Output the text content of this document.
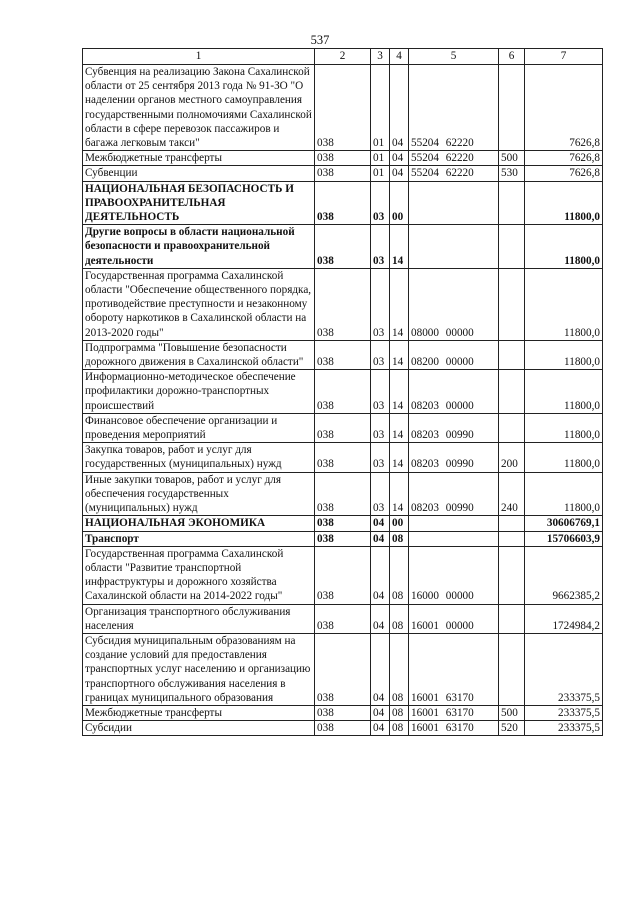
537
1	2	3	4	5	6	7
Субвенция на реализацию Закона Сахалинской области от 25 сентября 2013 года № 91-ЗО "О наделении органов местного самоуправления государственными полномочиями Сахалинской области в сфере перевозок пассажиров и багажа легковым такси"	038	01	04	55204 62220		7626,8
Межбюджетные трансферты	038	01	04	55204 62220	500	7626,8
Субвенции	038	01	04	55204 62220	530	7626,8
НАЦИОНАЛЬНАЯ БЕЗОПАСНОСТЬ И ПРАВООХРАНИТЕЛЬНАЯ ДЕЯТЕЛЬНОСТЬ	038	03	00			11800,0
Другие вопросы в области национальной безопасности и правоохранительной деятельности	038	03	14			11800,0
Государственная программа Сахалинской области "Обеспечение общественного порядка, противодействие преступности и незаконному обороту наркотиков в Сахалинской области на 2013-2020 годы"	038	03	14	08000 00000		11800,0
Подпрограмма "Повышение безопасности дорожного движения в Сахалинской области"	038	03	14	08200 00000		11800,0
Информационно-методическое обеспечение профилактики дорожно-транспортных происшествий	038	03	14	08203 00000		11800,0
Финансовое обеспечение организации и проведения мероприятий	038	03	14	08203 00990		11800,0
Закупка товаров, работ и услуг для государственных (муниципальных) нужд	038	03	14	08203 00990	200	11800,0
Иные закупки товаров, работ и услуг для обеспечения государственных (муниципальных) нужд	038	03	14	08203 00990	240	11800,0
НАЦИОНАЛЬНАЯ ЭКОНОМИКА	038	04	00			30606769,1
Транспорт	038	04	08			15706603,9
Государственная программа Сахалинской области "Развитие транспортной инфраструктуры и дорожного хозяйства Сахалинской области на 2014-2022 годы"	038	04	08	16000 00000		9662385,2
Организация транспортного обслуживания населения	038	04	08	16001 00000		1724984,2
Субсидия муниципальным образованиям на создание условий для предоставления транспортных услуг населению и организацию транспортного обслуживания населения в границах муниципального образования	038	04	08	16001 63170		233375,5
Межбюджетные трансферты	038	04	08	16001 63170	500	233375,5
Субсидии	038	04	08	16001 63170	520	233375,5
